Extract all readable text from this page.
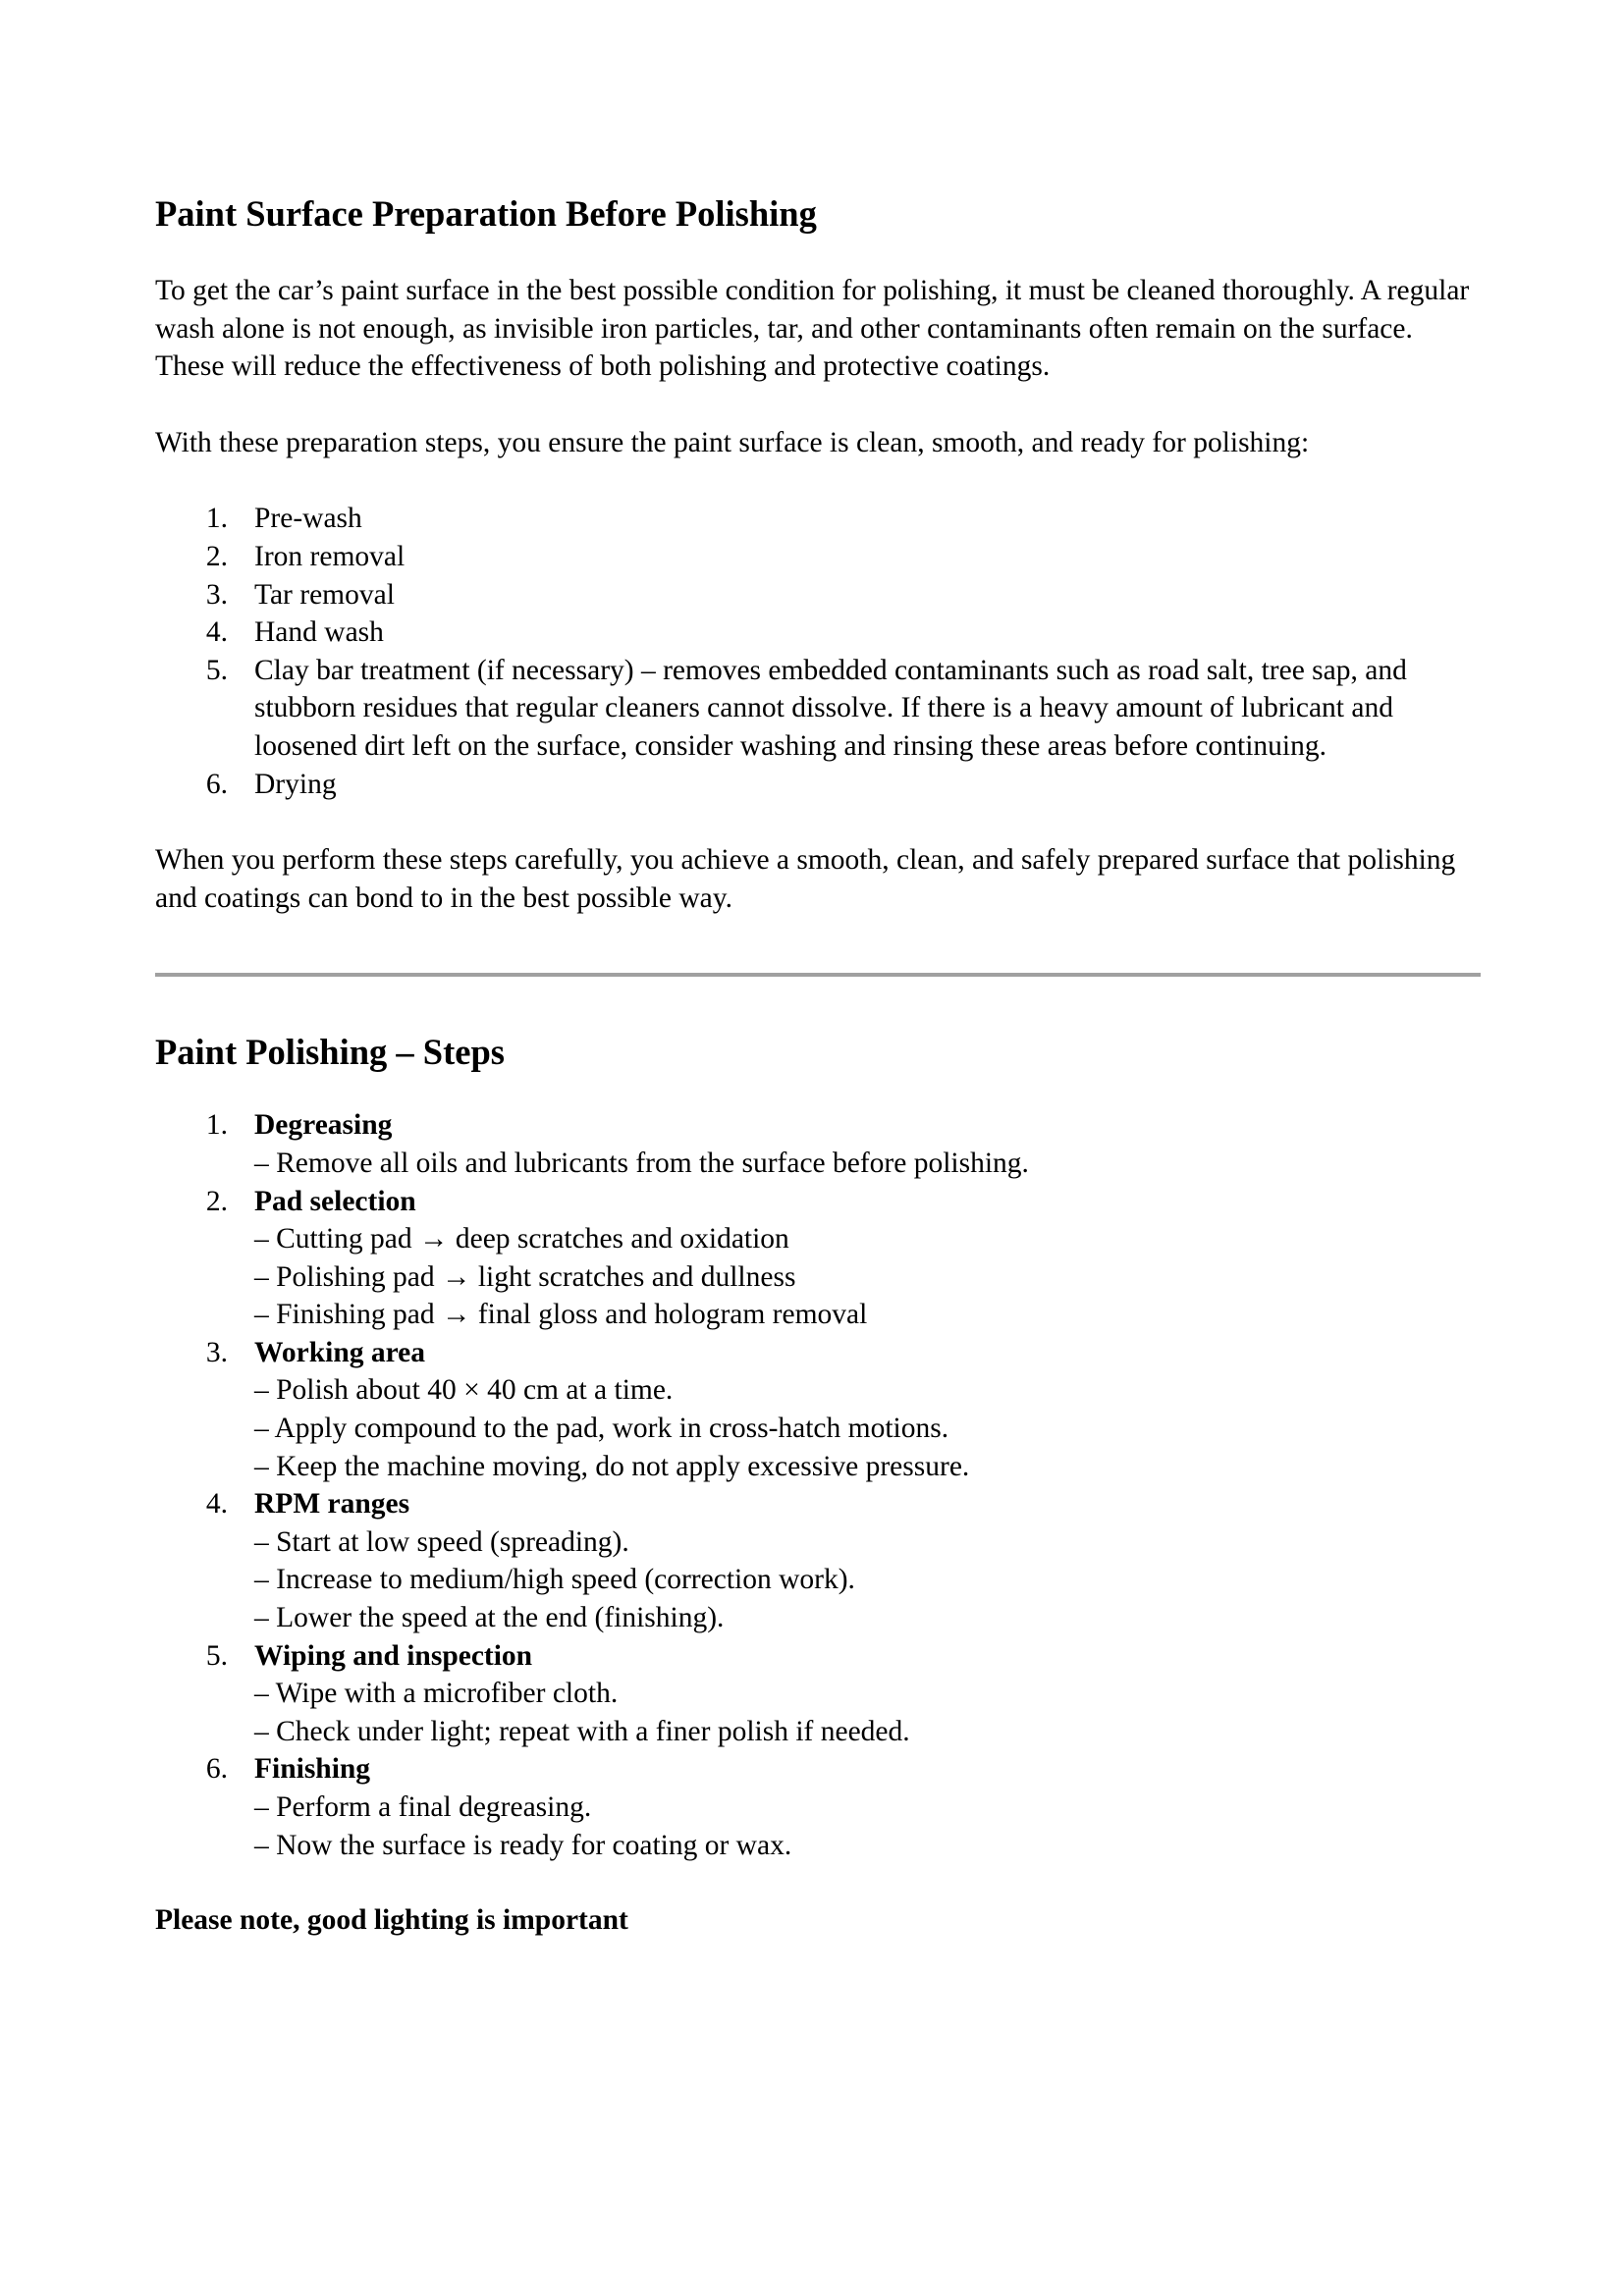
Paint Surface Preparation Before Polishing

To get the car’s paint surface in the best possible condition for polishing, it must be cleaned thoroughly. A regular wash alone is not enough, as invisible iron particles, tar, and other contaminants often remain on the surface. These will reduce the effectiveness of both polishing and protective coatings.

With these preparation steps, you ensure the paint surface is clean, smooth, and ready for polishing:

1. Pre-wash
2. Iron removal
3. Tar removal
4. Hand wash
5. Clay bar treatment (if necessary) – removes embedded contaminants such as road salt, tree sap, and stubborn residues that regular cleaners cannot dissolve. If there is a heavy amount of lubricant and loosened dirt left on the surface, consider washing and rinsing these areas before continuing.
6. Drying

When you perform these steps carefully, you achieve a smooth, clean, and safely prepared surface that polishing and coatings can bond to in the best possible way.

Paint Polishing – Steps
1. Degreasing
– Remove all oils and lubricants from the surface before polishing.
2. Pad selection
– Cutting pad → deep scratches and oxidation
– Polishing pad → light scratches and dullness
– Finishing pad → final gloss and hologram removal
3. Working area
– Polish about 40 × 40 cm at a time.
– Apply compound to the pad, work in cross-hatch motions.
– Keep the machine moving, do not apply excessive pressure.
4. RPM ranges
– Start at low speed (spreading).
– Increase to medium/high speed (correction work).
– Lower the speed at the end (finishing).
5. Wiping and inspection
– Wipe with a microfiber cloth.
– Check under light; repeat with a finer polish if needed.
6. Finishing
– Perform a final degreasing.
– Now the surface is ready for coating or wax.

Please note, good lighting is important
